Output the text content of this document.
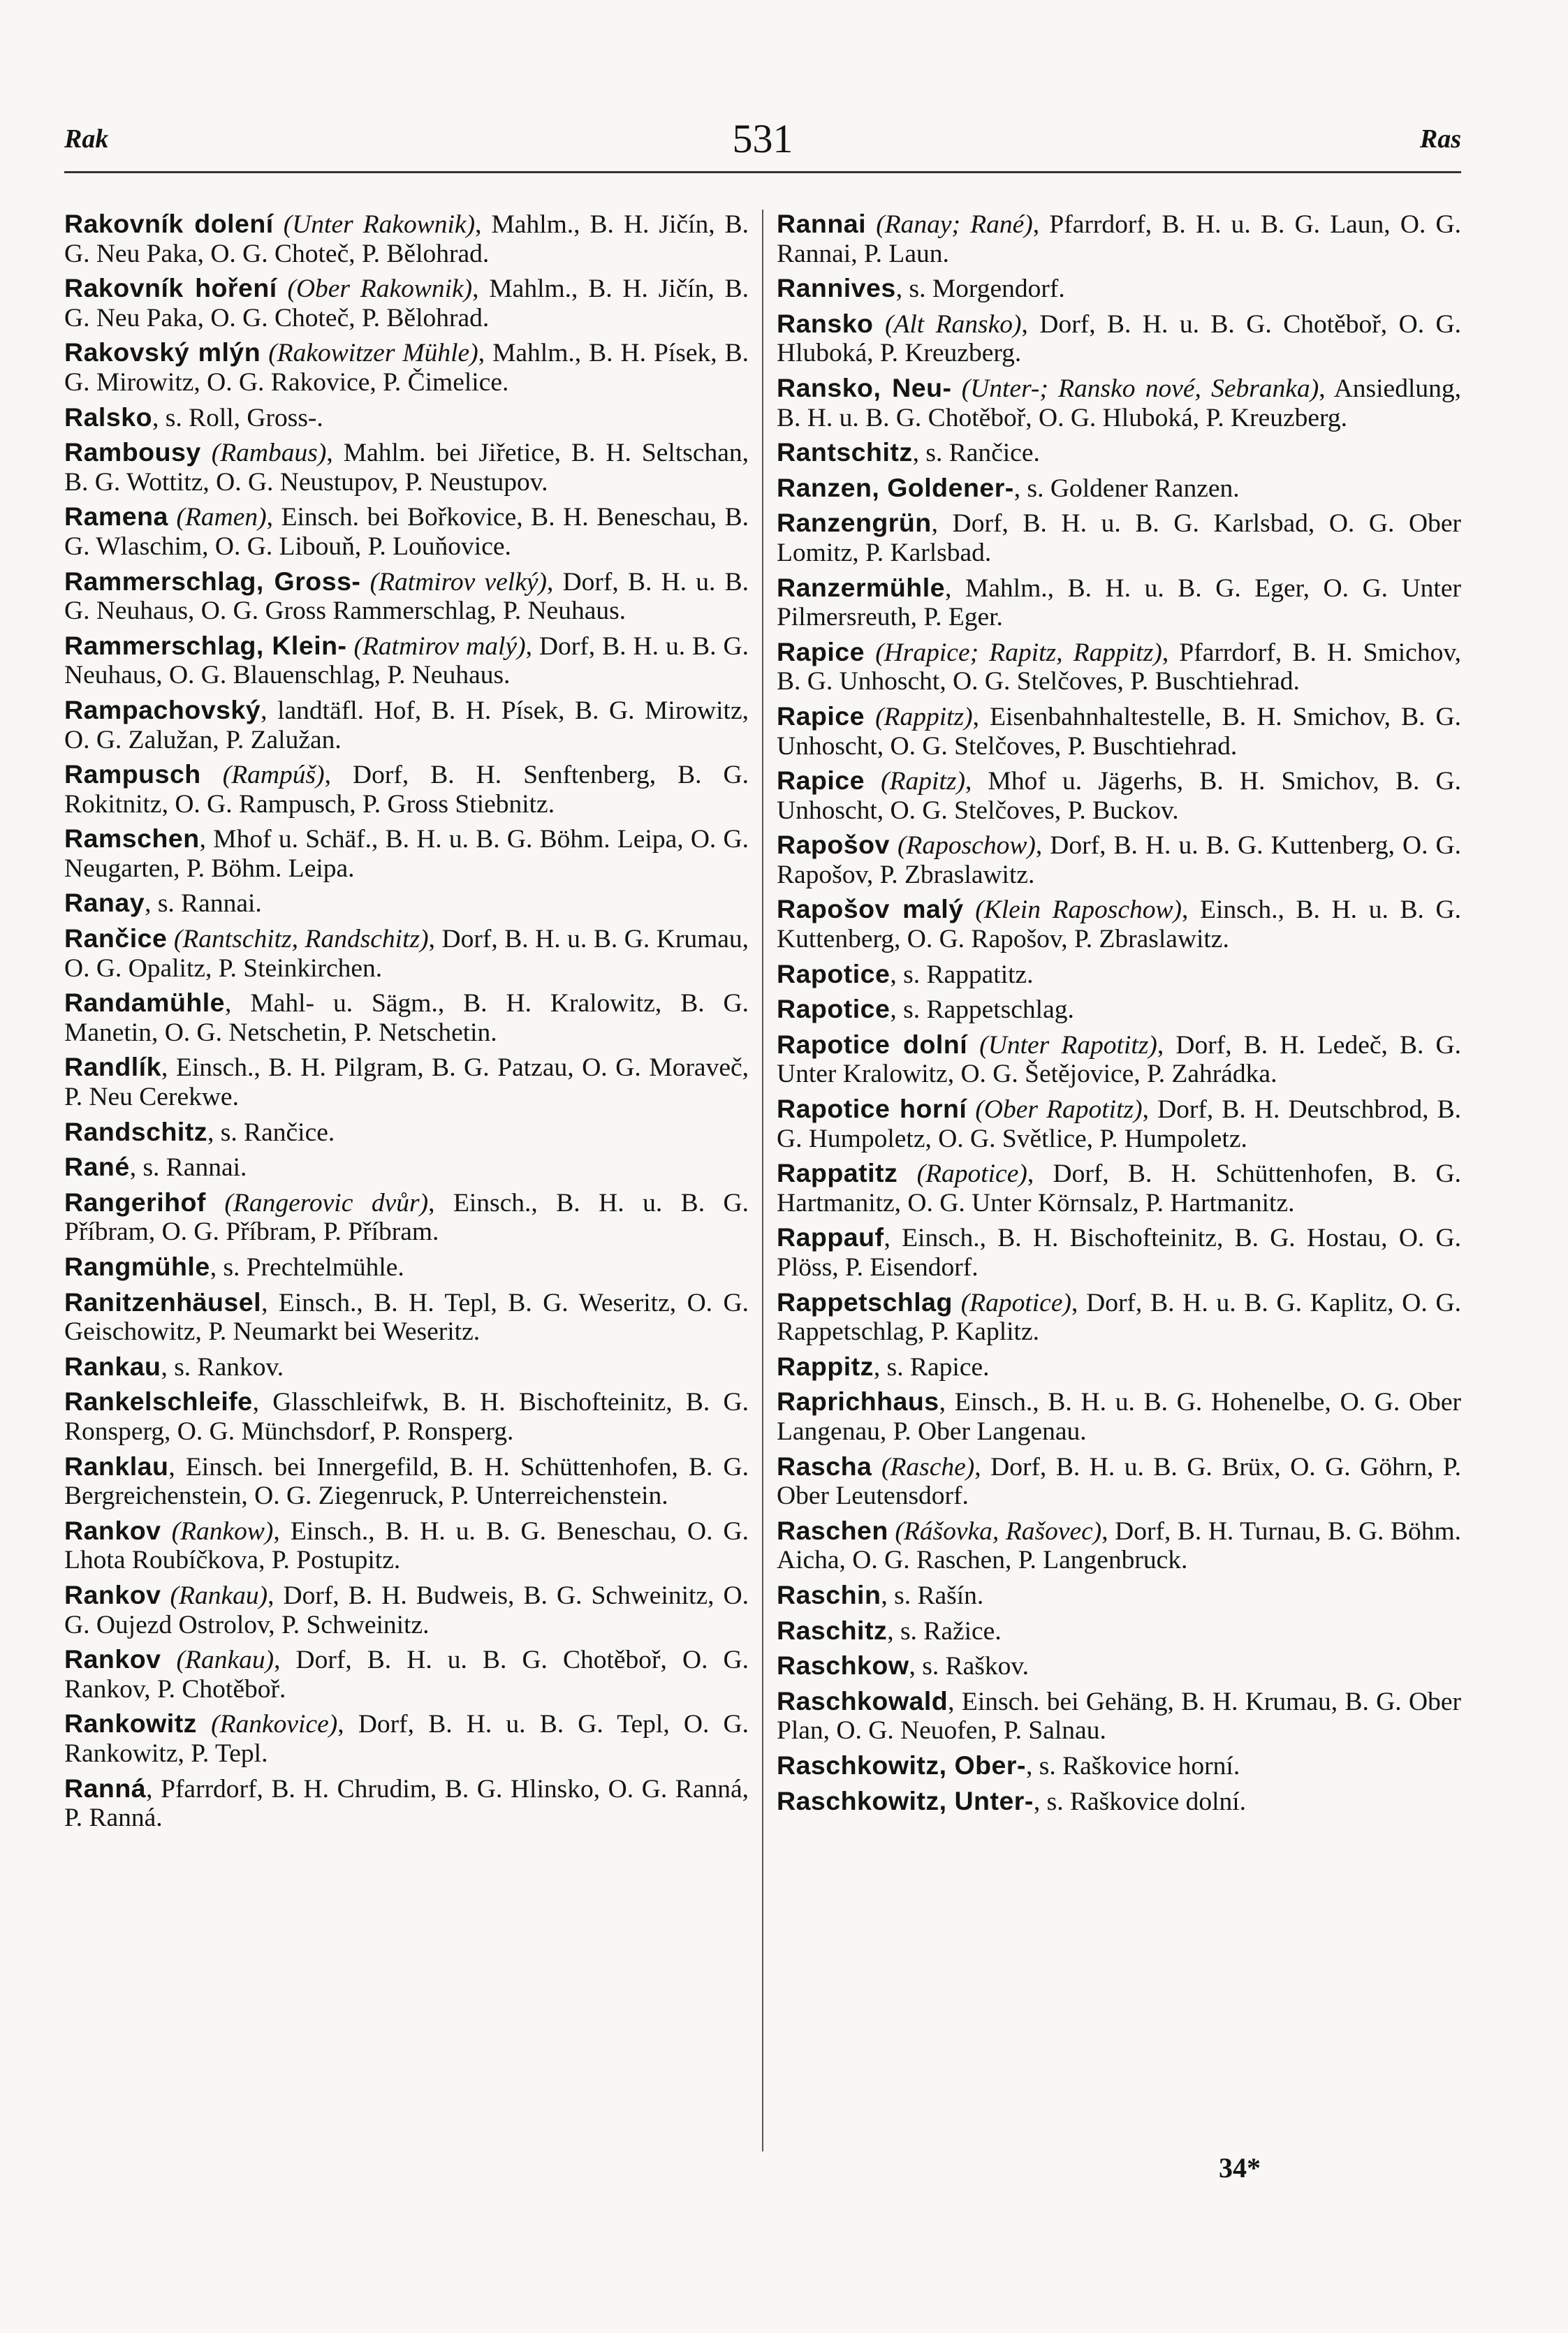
531
Rak	Ras
Rakovník dolení (Unter Rakownik), Mahlm., B. H. Jičín, B. G. Neu Paka, O. G. Choteč, P. Bělohrad.
Rakovník hoření (Ober Rakownik), Mahlm., B. H. Jičín, B. G. Neu Paka, O. G. Choteč, P. Bělohrad.
Rakovský mlýn (Rakowitzer Mühle), Mahlm., B. H. Písek, B. G. Mirowitz, O. G. Rakovice, P. Čimelice.
Ralsko, s. Roll, Gross-.
Rambousy (Rambaus), Mahlm. bei Jiřetice, B. H. Seltschan, B. G. Wottitz, O. G. Neustupov, P. Neustupov.
Ramena (Ramen), Einsch. bei Bořkovice, B. H. Beneschau, B. G. Wlaschim, O. G. Libouň, P. Louňovice.
Rammerschlag, Gross- (Ratmirov velký), Dorf, B. H. u. B. G. Neuhaus, O. G. Gross Rammerschlag, P. Neuhaus.
Rammerschlag, Klein- (Ratmirov malý), Dorf, B. H. u. B. G. Neuhaus, O. G. Blauenschlag, P. Neuhaus.
Rampachovský, landtäfl. Hof, B. H. Písek, B. G. Mirowitz, O. G. Zalužan, P. Zalužan.
Rampusch (Rampúš), Dorf, B. H. Senftenberg, B. G. Rokitnitz, O. G. Rampusch, P. Gross Stiebnitz.
Ramschen, Mhof u. Schäf., B. H. u. B. G. Böhm. Leipa, O. G. Neugarten, P. Böhm. Leipa.
Ranay, s. Rannai.
Rančice (Rantschitz, Randschitz), Dorf, B. H. u. B. G. Krumau, O. G. Opalitz, P. Steinkirchen.
Randamühle, Mahl- u. Sägm., B. H. Kralowitz, B. G. Manetin, O. G. Netschetin, P. Netschetin.
Randlík, Einsch., B. H. Pilgram, B. G. Patzau, O. G. Moraveč, P. Neu Cerekwe.
Randschitz, s. Rančice.
Rané, s. Rannai.
Rangerihof (Rangerovic dvůr), Einsch., B. H. u. B. G. Příbram, O. G. Příbram, P. Příbram.
Rangmühle, s. Prechtelmühle.
Ranitzenhäusel, Einsch., B. H. Tepl, B. G. Weseritz, O. G. Geischowitz, P. Neumarkt bei Weseritz.
Rankau, s. Rankov.
Rankelschleife, Glasschleifwk, B. H. Bischofteinitz, B. G. Ronsperg, O. G. Münchsdorf, P. Ronsperg.
Ranklau, Einsch. bei Innergefild, B. H. Schüttenhofen, B. G. Bergreichenstein, O. G. Ziegenruck, P. Unterreichenstein.
Rankov (Rankow), Einsch., B. H. u. B. G. Beneschau, O. G. Lhota Roubíčkova, P. Postupitz.
Rankov (Rankau), Dorf, B. H. Budweis, B. G. Schweinitz, O. G. Oujezd Ostrolov, P. Schweinitz.
Rankov (Rankau), Dorf, B. H. u. B. G. Chotěboř, O. G. Rankov, P. Chotěboř.
Rankowitz (Rankovice), Dorf, B. H. u. B. G. Tepl, O. G. Rankowitz, P. Tepl.
Ranná, Pfarrdorf, B. H. Chrudim, B. G. Hlinsko, O. G. Ranná, P. Ranná.
Rannai (Ranay; Rané), Pfarrdorf, B. H. u. B. G. Laun, O. G. Rannai, P. Laun.
Rannives, s. Morgendorf.
Ransko (Alt Ransko), Dorf, B. H. u. B. G. Chotěboř, O. G. Hluboká, P. Kreuzberg.
Ransko, Neu- (Unter-; Ransko nové, Sebranka), Ansiedlung, B. H. u. B. G. Chotěboř, O. G. Hluboká, P. Kreuzberg.
Rantschitz, s. Rančice.
Ranzen, Goldener-, s. Goldener Ranzen.
Ranzengrün, Dorf, B. H. u. B. G. Karlsbad, O. G. Ober Lomitz, P. Karlsbad.
Ranzermühle, Mahlm., B. H. u. B. G. Eger, O. G. Unter Pilmersreuth, P. Eger.
Rapice (Hrapice; Rapitz, Rappitz), Pfarrdorf, B. H. Smichov, B. G. Unhoscht, O. G. Stelčoves, P. Buschtiehrad.
Rapice (Rappitz), Eisenbahnhaltestelle, B. H. Smichov, B. G. Unhoscht, O. G. Stelčoves, P. Buschtiehrad.
Rapice (Rapitz), Mhof u. Jägerhs, B. H. Smichov, B. G. Unhoscht, O. G. Stelčoves, P. Buckov.
Rapošov (Raposchow), Dorf, B. H. u. B. G. Kuttenberg, O. G. Rapošov, P. Zbraslawitz.
Rapošov malý (Klein Raposchow), Einsch., B. H. u. B. G. Kuttenberg, O. G. Rapošov, P. Zbraslawitz.
Rapotice, s. Rappatitz.
Rapotice, s. Rappetschlag.
Rapotice dolní (Unter Rapotitz), Dorf, B. H. Ledeč, B. G. Unter Kralowitz, O. G. Šetějovice, P. Zahrádka.
Rapotice horní (Ober Rapotitz), Dorf, B. H. Deutschbrod, B. G. Humpoletz, O. G. Světlice, P. Humpoletz.
Rappatitz (Rapotice), Dorf, B. H. Schüttenhofen, B. G. Hartmanitz, O. G. Unter Körnsalz, P. Hartmanitz.
Rappauf, Einsch., B. H. Bischofteinitz, B. G. Hostau, O. G. Plöss, P. Eisendorf.
Rappetschlag (Rapotice), Dorf, B. H. u. B. G. Kaplitz, O. G. Rappetschlag, P. Kaplitz.
Rappitz, s. Rapice.
Raprichhaus, Einsch., B. H. u. B. G. Hohenelbe, O. G. Ober Langenau, P. Ober Langenau.
Rascha (Rasche), Dorf, B. H. u. B. G. Brüx, O. G. Göhrn, P. Ober Leutensdorf.
Raschen (Rášovka, Rašovec), Dorf, B. H. Turnau, B. G. Böhm. Aicha, O. G. Raschen, P. Langenbruck.
Raschin, s. Rašín.
Raschitz, s. Ražice.
Raschkow, s. Raškov.
Raschkowald, Einsch. bei Gehäng, B. H. Krumau, B. G. Ober Plan, O. G. Neuofen, P. Salnau.
Raschkowitz, Ober-, s. Raškovice horní.
Raschkowitz, Unter-, s. Raškovice dolní.
34*
